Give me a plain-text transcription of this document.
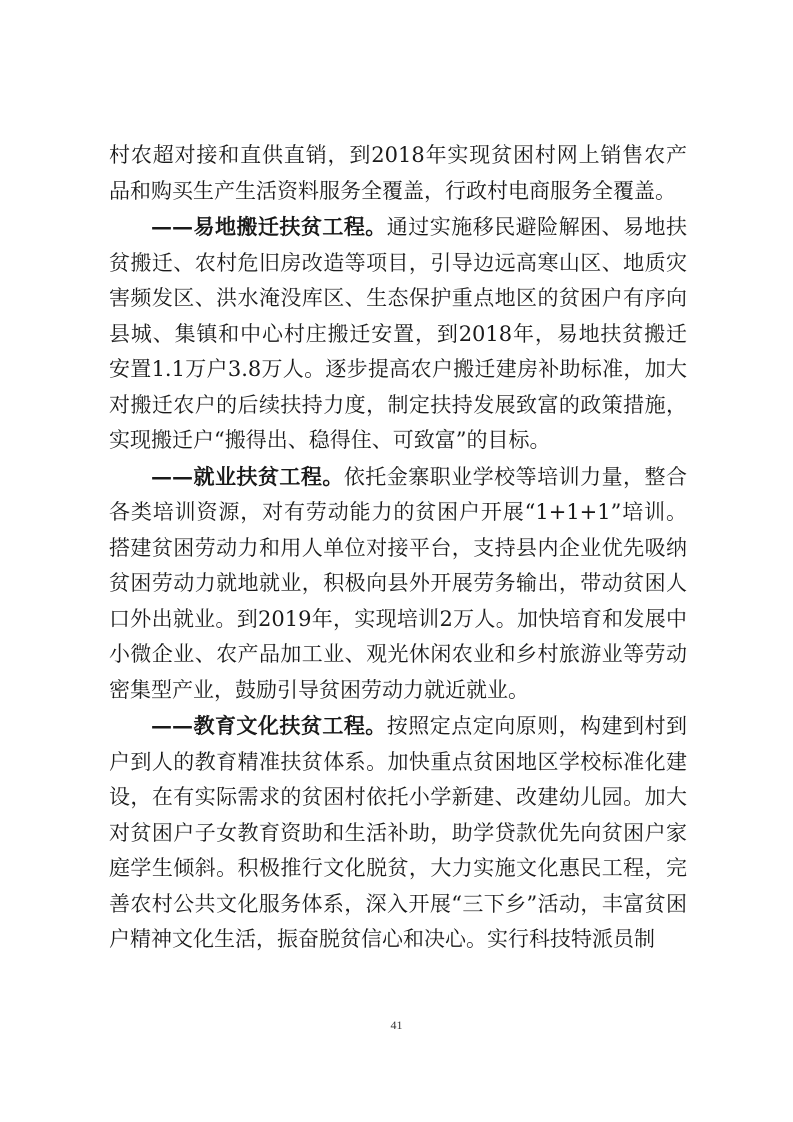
村农超对接和直供直销，到2018年实现贫困村网上销售农产品和购买生产生活资料服务全覆盖，行政村电商服务全覆盖。

——易地搬迁扶贫工程。通过实施移民避险解困、易地扶贫搬迁、农村危旧房改造等项目，引导边远高寒山区、地质灾害频发区、洪水淹没库区、生态保护重点地区的贫困户有序向县城、集镇和中心村庄搬迁安置，到2018年，易地扶贫搬迁安置1.1万户3.8万人。逐步提高农户搬迁建房补助标准，加大对搬迁农户的后续扶持力度，制定扶持发展致富的政策措施，实现搬迁户“搬得出、稳得住、可致富”的目标。

——就业扶贫工程。依托金寨职业学校等培训力量，整合各类培训资源，对有劳动能力的贫困户开展“1+1+1”培训。搭建贫困劳动力和用人单位对接平台，支持县内企业优先吸纳贫困劳动力就地就业，积极向县外开展劳务输出，带动贫困人口外出就业。到2019年，实现培训2万人。加快培育和发展中小微企业、农产品加工业、观光休闲农业和乡村旅游业等劳动密集型产业，鼓励引导贫困劳动力就近就业。

——教育文化扶贫工程。按照定点定向原则，构建到村到户到人的教育精准扶贫体系。加快重点贫困地区学校标准化建设，在有实际需求的贫困村依托小学新建、改建幼儿园。加大对贫困户子女教育资助和生活补助，助学贷款优先向贫困户家庭学生倾斜。积极推行文化脱贫，大力实施文化惠民工程，完善农村公共文化服务体系，深入开展“三下乡”活动，丰富贫困户精神文化生活，振奋脱贫信心和决心。实行科技特派员制

41
